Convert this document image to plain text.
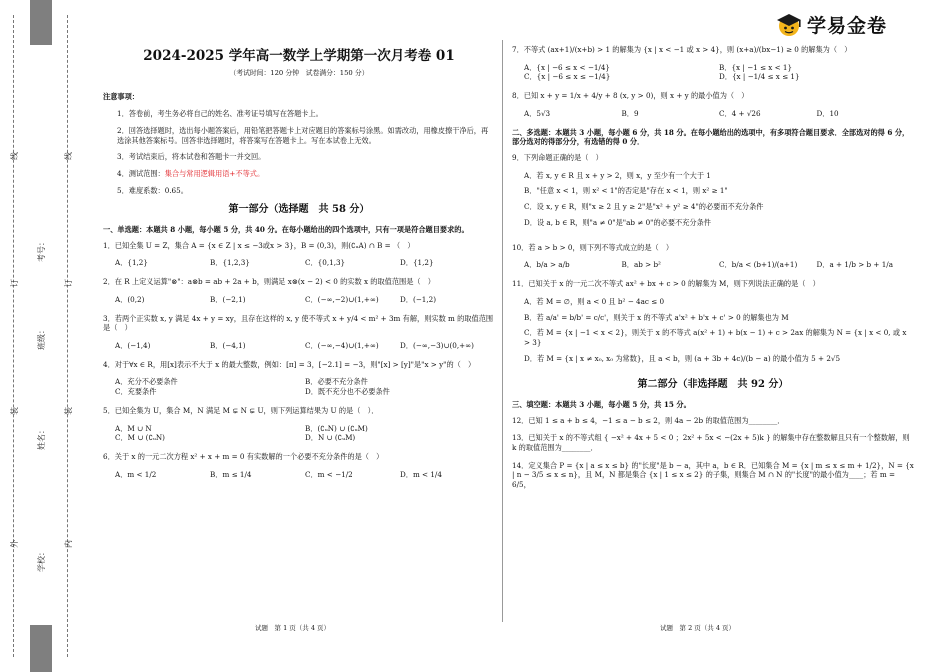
线
订
装
外
线
订
装
内
学校：
姓名：
班级：
考号：
学易金卷
2024-2025 学年高一数学上学期第一次月考卷 01
（考试时间：120 分钟　试卷满分：150 分）
注意事项：
1．答卷前，考生务必将自己的姓名、准考证号填写在答题卡上。
2．回答选择题时，选出每小题答案后，用铅笔把答题卡上对应题目的答案标号涂黑。如需改动，用橡皮擦干净后，再选涂其他答案标号。回答非选择题时，将答案写在答题卡上。写在本试卷上无效。
3．考试结束后，将本试卷和答题卡一并交回。
4．测试范围：集合与常用逻辑用语+不等式。
5．难度系数：0.65。
第一部分（选择题　共 58 分）
一、单选题：本题共 8 小题，每小题 5 分，共 40 分。在每小题给出的四个选项中，只有一项是符合题目要求的。
1．已知全集 U = Z，集合 A = {x ∈ Z | x ≤ −3或x > 3}，B = (0,3)，则(∁ᵤA) ∩ B = （　）
A．{1,2}	B．{1,2,3}	C．{0,1,3}	D．{1,2}
2．在 R 上定义运算"⊗"：a⊗b = ab + 2a + b，则满足 x⊗(x − 2) < 0 的实数 x 的取值范围是（　）
A．(0,2)	B．(−2,1)	C．(−∞,−2)∪(1,+∞)	D．(−1,2)
3．若两个正实数 x, y 满足 4x + y = xy，且存在这样的 x, y 使不等式 x + y/4 < m² + 3m 有解，则实数 m 的取值范围是（　）
A．(−1,4)	B．(−4,1)	C．(−∞,−4)∪(1,+∞)	D．(−∞,−3)∪(0,+∞)
4．对于∀x ∈ R，用[x]表示不大于 x 的最大整数，例如：[π] = 3，[−2.1] = −3，则"[x] > [y]"是"x > y"的（　）
A．充分不必要条件	B．必要不充分条件
C．充要条件	D．既不充分也不必要条件
5．已知全集为 U，集合 M，N 满足 M ⊊ N ⊊ U，则下列运算结果为 U 的是（　）．
A．M ∪ N	B．(∁ᵤN) ∪ (∁ᵤM)
C．M ∪ (∁ᵤN)	D．N ∪ (∁ᵤM)
6．关于 x 的一元二次方程 x² + x + m = 0 有实数解的一个必要不充分条件的是（　）
A．m < 1/2	B．m ≤ 1/4	C．m < −1/2	D．m < 1/4
7．不等式 (ax+1)/(x+b) > 1 的解集为 {x | x < −1 或 x > 4}，则 (x+a)/(bx−1) ≥ 0 的解集为（　）
A．{x | −6 ≤ x < −1/4}	B．{x | −1 ≤ x < 1}
C．{x | −6 ≤ x ≤ −1/4}	D．{x | −1/4 ≤ x ≤ 1}
8．已知 x + y = 1/x + 4/y + 8 (x, y > 0)，则 x + y 的最小值为（　）
A．5√3	B．9	C．4 + √26	D．10
二、多选题：本题共 3 小题，每小题 6 分，共 18 分。在每小题给出的选项中，有多项符合题目要求．全部选对的得 6 分，部分选对的得部分分，有选错的得 0 分．
9．下列命题正确的是（　）
A．若 x, y ∈ R 且 x + y > 2，则 x，y 至少有一个大于 1
B．"任意 x < 1，则 x² < 1"的否定是"存在 x < 1，则 x² ≥ 1"
C．设 x, y ∈ R，则"x ≥ 2 且 y ≥ 2"是"x² + y² ≥ 4"的必要而不充分条件
D．设 a, b ∈ R，则"a ≠ 0"是"ab ≠ 0"的必要不充分条件
10．若 a > b > 0，则下列不等式成立的是（　）
A．b/a > a/b	B．ab > b²	C．b/a < (b+1)/(a+1)	D．a + 1/b > b + 1/a
11．已知关于 x 的一元二次不等式 ax² + bx + c > 0 的解集为 M，则下列说法正确的是（　）
A．若 M = ∅，则 a < 0 且 b² − 4ac ≤ 0
B．若 a/a' = b/b' = c/c'，则关于 x 的不等式 a'x² + b'x + c' > 0 的解集也为 M
C．若 M = {x | −1 < x < 2}，则关于 x 的不等式 a(x² + 1) + b(x − 1) + c > 2ax 的解集为 N = {x | x < 0, 或 x > 3}
D．若 M = {x | x ≠ x₀, x₀ 为常数}，且 a < b，则 (a + 3b + 4c)/(b − a) 的最小值为 5 + 2√5
第二部分（非选择题　共 92 分）
三、填空题：本题共 3 小题，每小题 5 分，共 15 分。
12．已知 1 ≤ a + b ≤ 4，−1 ≤ a − b ≤ 2，则 4a − 2b 的取值范围为________．
13．已知关于 x 的不等式组 { −x² + 4x + 5 < 0 ；2x² + 5x < −(2x + 5)k } 的解集中存在整数解且只有一个整数解，则 k 的取值范围为________．
14．定义集合 P = {x | a ≤ x ≤ b} 的"长度"是 b − a，其中 a，b ∈ R．已知集合 M = {x | m ≤ x ≤ m + 1/2}，N = {x | n − 3/5 ≤ x ≤ n}，且 M，N 都是集合 {x | 1 ≤ x ≤ 2} 的子集，则集合 M ∩ N 的"长度"的最小值为____；若 m = 6/5，
试题　第 1 页（共 4 页）	试题　第 2 页（共 4 页）
